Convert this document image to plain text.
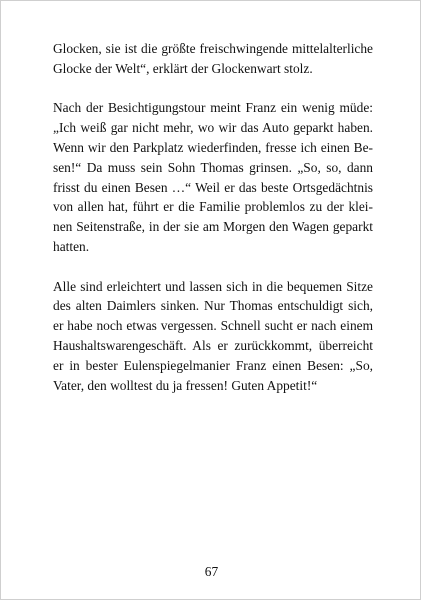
Glocken, sie ist die größte freischwingende mittelalterliche
Glocke der Welt“, erklärt der Glockenwart stolz.

Nach der Besichtigungstour meint Franz ein wenig müde:
„Ich weiß gar nicht mehr, wo wir das Auto geparkt haben.
Wenn wir den Parkplatz wiederfinden, fresse ich einen Be-
sen!“ Da muss sein Sohn Thomas grinsen. „So, so, dann
frisst du einen Besen …“ Weil er das beste Ortsgedächtnis
von allen hat, führt er die Familie problemlos zu der klei-
nen Seitenstraße, in der sie am Morgen den Wagen geparkt
hatten.

Alle sind erleichtert und lassen sich in die bequemen Sitze
des alten Daimlers sinken. Nur Thomas entschuldigt sich,
er habe noch etwas vergessen. Schnell sucht er nach einem
Haushaltswarengeschäft. Als er zurückkommt, überreicht
er in bester Eulenspiegelmanier Franz einen Besen: „So,
Vater, den wolltest du ja fressen! Guten Appetit!“

67
